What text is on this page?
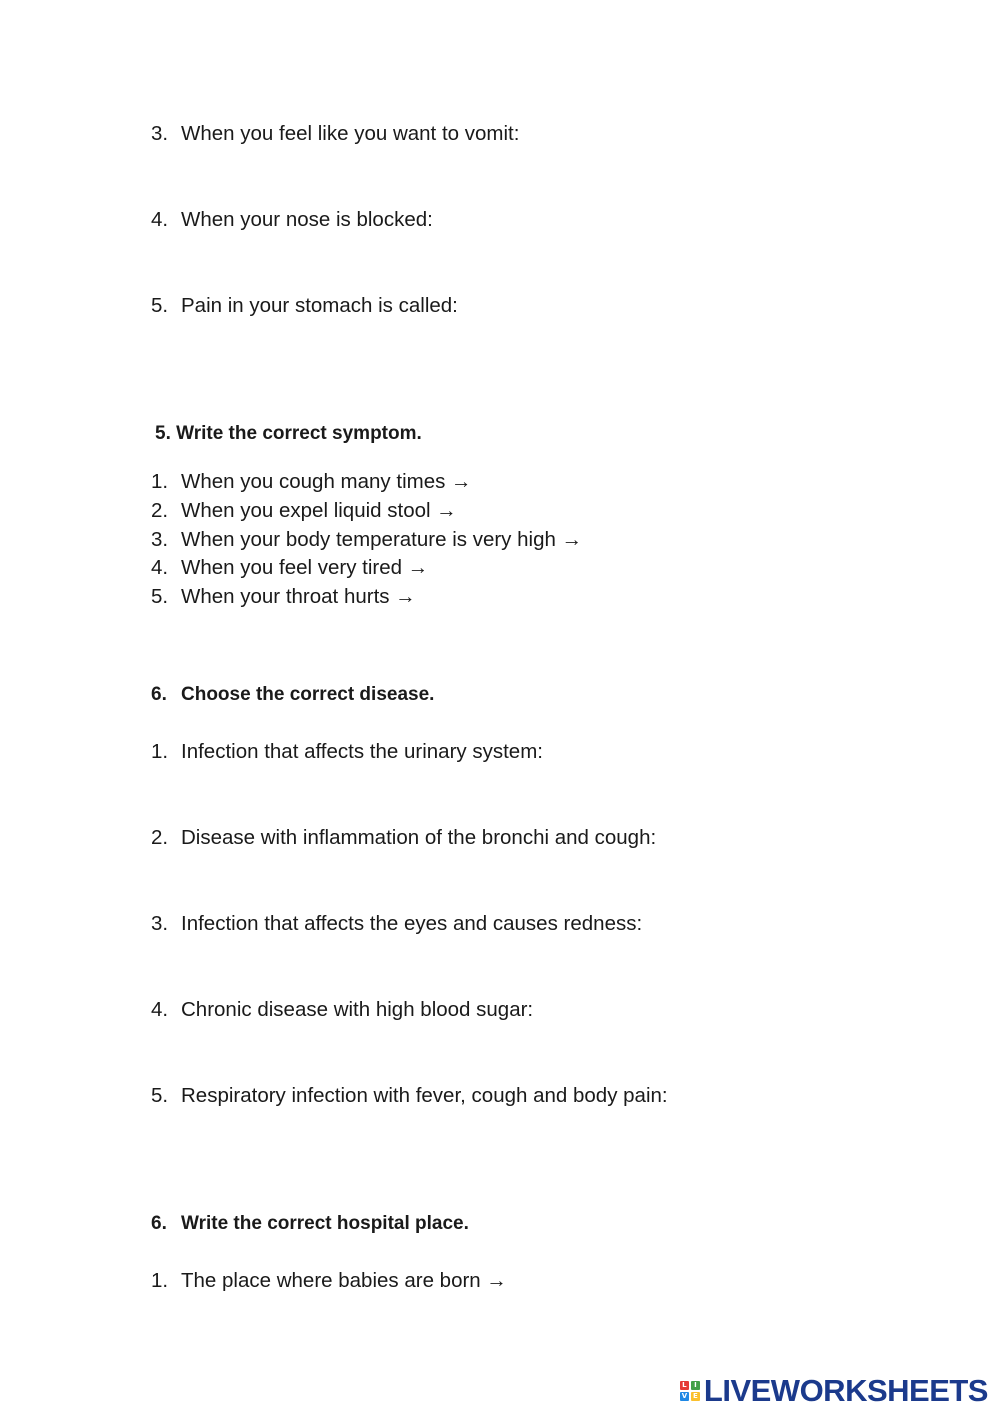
3. When you feel like you want to vomit:
4. When your nose is blocked:
5. Pain in your stomach is called:
5. Write the correct symptom.
1. When you cough many times →
2. When you expel liquid stool →
3. When your body temperature is very high →
4. When you feel very tired →
5. When your throat hurts →
6. Choose the correct disease.
1. Infection that affects the urinary system:
2. Disease with inflammation of the bronchi and cough:
3. Infection that affects the eyes and causes redness:
4. Chronic disease with high blood sugar:
5. Respiratory infection with fever, cough and body pain:
6. Write the correct hospital place.
1. The place where babies are born →
L	I
V E LIVEWORKSHEETS
